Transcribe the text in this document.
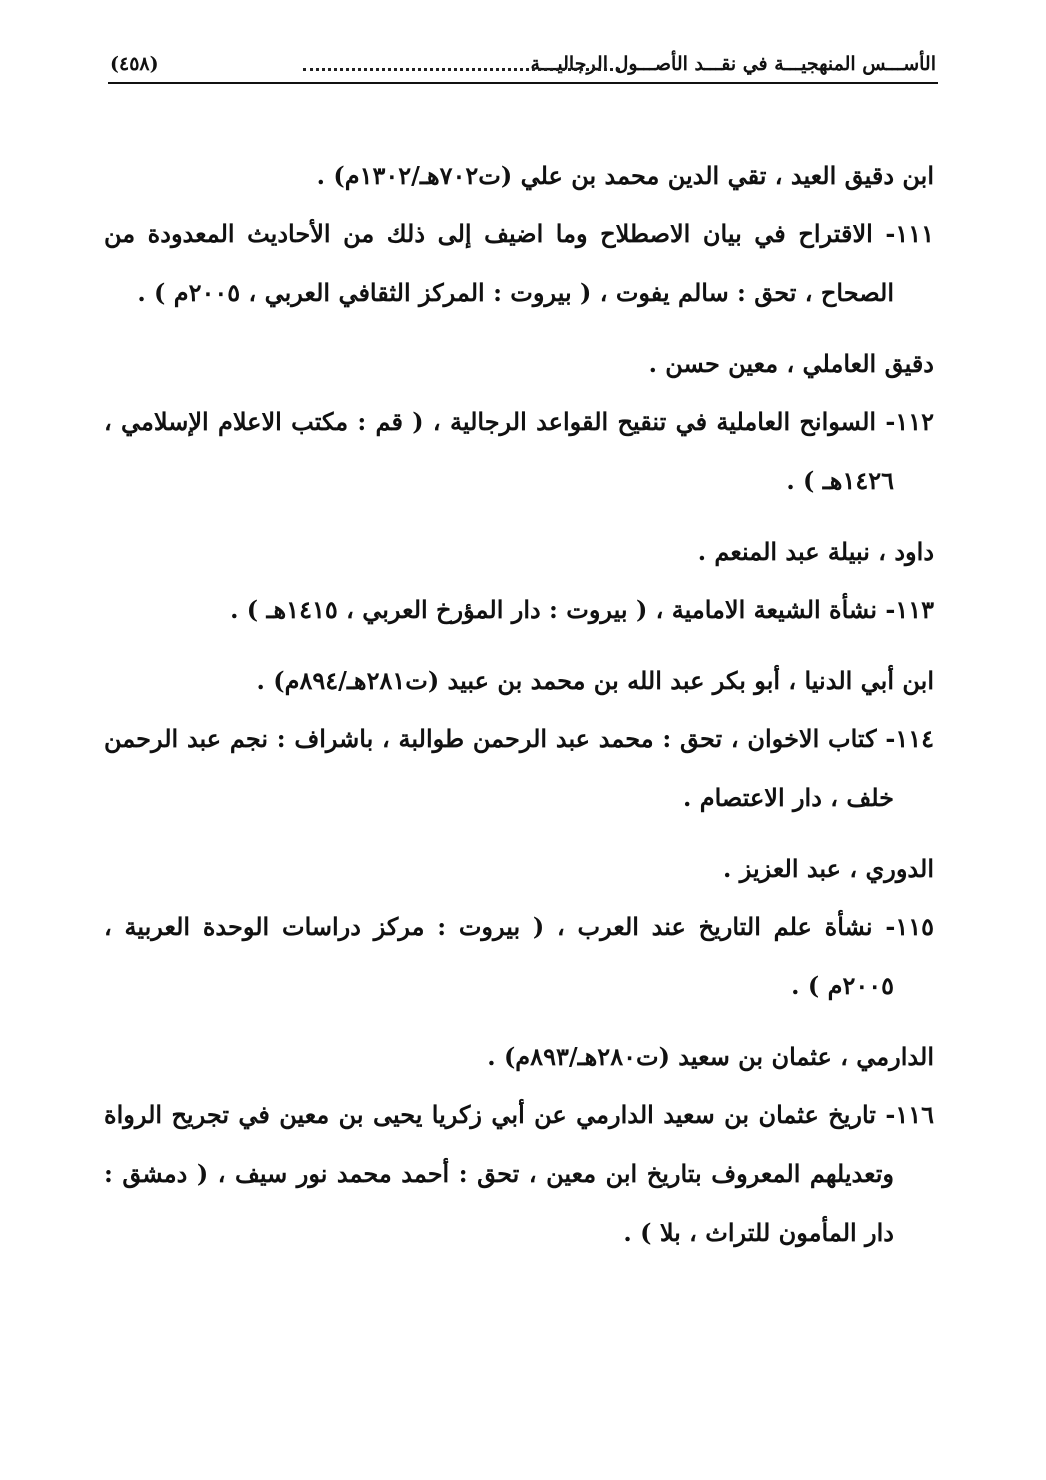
الأســـس المنهجيـــة في نقـــد الأصـــول الرجاليـــة
(٤٥٨)
ابن دقيق العيد ، تقي الدين محمد بن علي (ت٧٠٢هـ/١٣٠٢م) .
١١١- الاقتراح في بيان الاصطلاح وما اضيف إلى ذلك من الأحاديث المعدودة من الصحاح ، تحق : سالم يفوت ، ( بيروت : المركز الثقافي العربي ، ٢٠٠٥م ) .
دقيق العاملي ، معين حسن .
١١٢- السوانح العاملية في تنقيح القواعد الرجالية ، ( قم : مكتب الاعلام الإسلامي ، ١٤٢٦هـ ) .
داود ، نبيلة عبد المنعم .
١١٣- نشأة الشيعة الامامية ، ( بيروت : دار المؤرخ العربي ، ١٤١٥هـ ) .
ابن أبي الدنيا ، أبو بكر عبد الله بن محمد بن عبيد (ت٢٨١هـ/٨٩٤م) .
١١٤- كتاب الاخوان ، تحق : محمد عبد الرحمن طوالبة ، باشراف : نجم عبد الرحمن خلف ، دار الاعتصام .
الدوري ، عبد العزيز .
١١٥- نشأة علم التاريخ عند العرب ، ( بيروت : مركز دراسات الوحدة العربية ، ٢٠٠٥م ) .
الدارمي ، عثمان بن سعيد (ت٢٨٠هـ/٨٩٣م) .
١١٦- تاريخ عثمان بن سعيد الدارمي عن أبي زكريا يحيى بن معين في تجريح الرواة وتعديلهم المعروف بتاريخ ابن معين ، تحق : أحمد محمد نور سيف ، ( دمشق : دار المأمون للتراث ، بلا ) .
